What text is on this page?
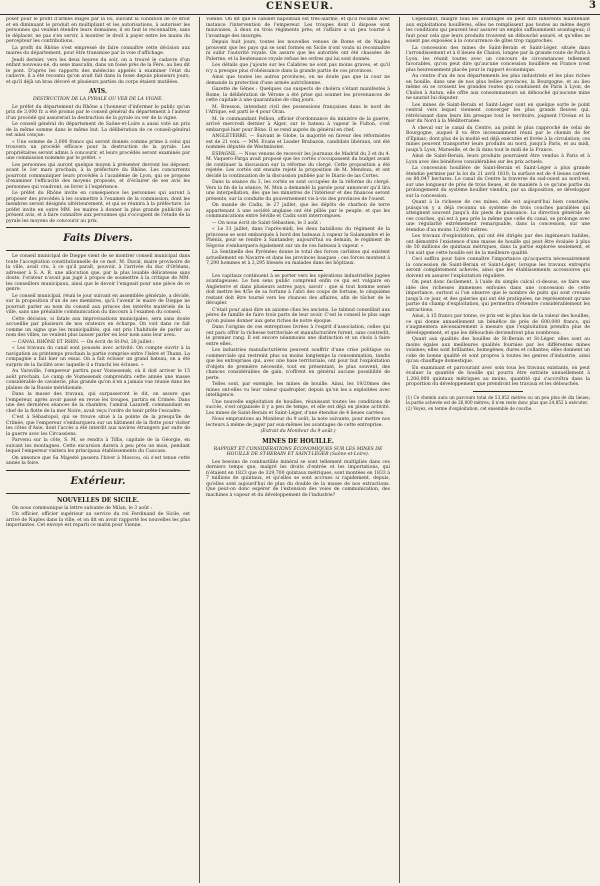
CENSEUR.	3

poser pour le profit d'armes exigés par la loi, suivant la condition de ce droit et en diminuant le produit en multipliant et les autorisations, à autoriser les personnes qui veulent étendre leurs domaines; il en faut le reconnaître, sans le déplacer, ne pas s'en servir, à montrer le droit à payer entre les mains du percepteur les contributions.

La profit du Rhône s'est empressé de faire connaître cette décision aux maires du département, pour être transmise par la voie d'affichage.

Jeudi dernier, vers les deux heures du soir, on a trouvé le cadavre d'un enfant nouveau-né, du sexe masculin, dans un fossé près de la Fère, au lieu dit le pont. D'après les rapports des médecins appelés à examiner l'état du cadavre, il a été reconnu qu'on avait fait dans la fosse depuis plusieurs jours, et qu'il déjà un bras dévoré et plusieurs parties du corps étaient mutilées.

AVIS.
DESTRUCTION DE LA PYRALE OU VER DE LA VIGNE.

Le préfet du département du Rhône a l'honneur d'informer le public qu'un prix de 3,000 fr. a été promis par le conseil général du département à l'auteur d'un procédé qui assurerait la destruction de la pyrale ou ver de la vigne.

Le conseil général du département de Saône-et-Loire a aussi voté un prix de la même somme dans le même but. La délibération de ce conseil-général est ainsi conçue:

« Une somme de 3,000 francs qui seront donnés comme prime à celui qui trouvera un procédé efficace pour la destruction de la pyrale. Les propriétaires seront admis à concourir, et leurs procédés seront examinés par une commission nommée par le préfet. »

Les personnes qui auront quelque moyen à présenter devront les déposer, avant le 1er mars prochain, à la préfecture du Rhône. Les concurrents pourront communiquer leurs procédés à l'académie de Lyon, qui se propose d'examiner l'efficacité des moyens proposés, et d'éclairer de ses avis les personnes qui voudront, se livrer à l'expérience.

Le préfet du Rhône invite en conséquence les personnes qui auront à proposer des procédés à les soumettre à l'examen de la commission, dont les membres seront désignés ultérieurement, et qui se réunira à la préfecture. Le préfet invite en outre MM. les maires à donner la plus grande publicité au présent avis, et à faire connaître aux personnes qui s'occupent de l'étude de la pyrale les moyens de concourir au prix.

Faits Divers.

Le conseil municipal de Dieppe vient de se montrer conseil municipal dans toute l'acceptation constitutionnelle de ce mot. M. Duval, maire provisoire de la ville, avait cru, à ce qu'il paraît, pouvoir, à l'arrivée du duc d'Orléans, adresser à S. A. R. une allocution que, par la plus louable délicatesse sans doute, l'orateur n'avait pas jugé à propos de soumettre à la critique de MM. les conseillers municipaux, ainsi que le devoir l'exigeait pour une pièce de ce genre.

Le conseil municipal, réuni le jour suivant en assemblée générale, a décidé, sur la proposition d'un de ses membres, qu'à l'avenir le maire de Dieppe ne pourrait parler au nom du conseil aux princes des intérêts matériels de la ville, sans une préalable communication du discours à l'examen du conseil.

Cette décision, si fatale aux improvisations municipales, sera sans doute accueillie par plusieurs de nos orateurs en écharpe. On voit dans ce fait comme un signe que les municipalités, qui ont pris l'habitude de parler au nom des villes, ne veulent plus laisser parler en leur nom sans leur aveu.

— CANAL RHÔNE ET RHIN. — On écrit de St-Pol, 28 juillet :

« Les travaux du canal sont poussés avec activité. On compte ouvrir à la navigation au printemps prochain la partie comprise entre l'Isère et Thann. La compagnie a fait hier un essai. On a fait écluser un grand bateau, on a été surpris de la facilité avec laquelle il a franchi les écluses. »

Au Varaville, l'empereur partira pour Voznesensk, où il doit arriver le 15 août prochain. Le camp de Voznesensk comprendra cette année une masse considérable de cavalerie, plus grande qu'on n'en a jamais vue réunie dans les plaines de la Russie méridionale.

Dans la masse des travaux, qui surpasseront le dit, on assure que l'empereur, après avoir passé en revue les troupes, partira en Crimée. Dans une des dernières séances de la chambre, l'amiral Lazareff, commandant en chef de la flotte de la mer Noire, avait reçu l'ordre de tenir prête l'escadre.

C'est à Sébastopol, qui se trouve situé à la pointe de la presqu'île de Crimée, que l'empereur s'embarquera sur un bâtiment de la flotte pour visiter les côtes d'Asie, dont l'accès a été interdit aux navires étrangers par suite de la guerre avec les Circassiens.

Parvenu sur la côte, S. M. se rendra à Tiflis, capitale de la Géorgie, en suivant les montagnes. Cette excursion durera à peu près un mois, pendant lequel l'empereur visitera les principaux établissements du Caucase.

On annonce que Sa Majesté passera l'hiver à Moscou, où s'est tenue cette année la foire.

Extérieur.
NOUVELLES DE SICILE.

On nous communique la lettre suivante de Milan, le 3 août :

Un officier, officier supérieur au service du roi Ferdinand de Sicile, est arrivé de Naples dans la ville, et on dit en avoir rapporté les nouvelles les plus importantes. Cet envoyé est reparti ce matin pour Vienne.

Vienne. On dit que le cabinet napolitain est très-alarmé, et qu'il réclame avec instance l'intervention de l'empereur. Les troupes dont il dispose sont mauvaises, à deux ou trois régiments près; et l'affaire a un peu tourné à l'avantage des insurgés.

Depuis huit jours, toutes les nouvelles venues de Rome et de Naples prouvent que les pays qui se sont formés en Sicile n'ont voulu ni reconnaître ni subir l'autorité royale. On assure que les autorités ont été chassées de Palerme, et la lieutenance royale refuse les ordres qui lui sont donnés.

Les détails que j'ajoute sur les Calabres ne sont pas moins graves, et qu'il n'y a presque plus d'obéissance dans la grande partie de ces provinces.

Ainsi que toutes les autres provinces, on ne doute pas que la cour ne demande la protection d'une armée autrichienne.

Gazette de Gênes : Quelques cas suspects de choléra s'étant manifestés à Rome, la délibération de Vérone a été prise qui soumet les provenances de cette capitale à une quarantaine de cinq jours.

M. Bresson, intendant civil des possessions françaises dans le nord de l'Afrique, est parti le 4 pour Oran.

M. le commandant Pellion, officier d'ordonnance du ministre de la guerre, arrivé mercredi dernier à Alger, sur le bateau à vapeur le Fulton, s'est embarqué hier pour Bône. Il se rend auprès du général en chef.

ANGLETERRE. — Suivant le Globe, la majorité en faveur des réformistes est de 21 voix. — MM. Evans et Leader Brabazon, candidats libéraux, ont été nommés députés de Westminster.

ESPAGNE. — Nous venons de recevoir les journaux de Madrid du 3 et du 4. M. Vaquero-Parga avait proposé que les cortès s'occupassent du budget avant de continuer la discussion sur la réforme du clergé. Cette proposition a été rejetée. Les cortès ont ensuite rejeté la proposition de M. Mendoza, et ont décidé la continuation de la discussion publiée par le Diario de las Cortes.

Dans la séance du 3, les cortès se sont occupées de la réforme du clergé. Vers la fin de la séance, M. Mon a demandé la parole pour annoncer qu'il lira une interpellation, dès que les ministres de l'intérieur et des finances seront présents, sur la conduite du gouvernement vis-à-vis des provinces de l'ouest.

On mande de Cadix, le 27 juillet, que les dépôts de charbon de terre appartenant à une société anglaise ont été pillés par le peuple, et que les communications entre Séville et Cadix sont interrompues.

— On nous écrit de Saint-Sébastien, le 3 août :

« Le 31 juillet, dans l'après-midi, les deux bataillons du régiment de la princesse se sont embarqués à bord des bateaux à vapeur la Salamandre et le Phénix, pour se rendre à Santander; aujourd'hui ou demain, le régiment de Ségovie s'embarquera également sur un de ces bateaux à vapeur. »

La Sentinelle des Pyrénées donne le total des forces carlistes qui existent actuellement en Navarre et dans les provinces basques : ces forces montent à 7,290 hommes et à 2,295 blessés ou malades dans les hôpitaux.

Les capitaux continuent à se porter vers les opérations industrielles jugées avantageuses. Le bon sens public comprend enfin ce qui est vulgaire en Angleterre et dans plusieurs autres pays, savoir : que si tout homme sensé doit mettre les 4/5e de sa fortune à l'abri des coups de fortune, le cinquième restant doit être tourné vers les chances des affaires, afin de tâcher de le décupler.

C'était pour ainsi dire un axiome chez les anciens. Le talmud conseillait aux pères de famille de faire trois parts de leur avoir. C'est le conseil le plus sage qu'on puisse donner aux gens riches de notre époque.

Dans l'origine de ces entreprises livrées à l'esprit d'association, celles qui ont paru offrir la richesse territoriale et manufacturière furent, sans contredit, le premier rang. Il est encore néanmoins une distinction et un choix à faire entre elles.

Les industries manufacturières peuvent souffrir d'une crise politique ou commerciale qui restreint plus ou moins longtemps la consommation, tandis que les entreprises qui, avec une base territoriale, ont pour but l'exploitation d'objets de première nécessité, tout en présentant, le plus souvent, des chances considérables de gain, n'offrent en général aucune possibilité de perte.

Telles sont, par exemple, les mines de houille. Ainsi, les 19/20mes des mines ont-elles vu leur valeur quadrupler, depuis qu'on les a exploitées avec intelligence.

Une nouvelle exploitation de houilles, réunissant toutes les conditions de succès, s'est organisée il y a peu de temps, et elle est déjà en pleine activité. Les mines de Saint-Berain et Saint-Léger, d'une étendue de 4 lieues carrées.

Nous empruntons au Moniteur du 9 août, la note suivante, pour mettre nos lecteurs à même de juger par eux-mêmes les avantages de cette entreprise.

(Extrait du Moniteur du 9 août.)

MINES DE HOUILLE.
RAPPORT ET CONSIDÉRATIONS ÉCONOMIQUES SUR LES MINES DE HOUILLE DE ST-BERAIN ET SAINT-LÉGER (Saône-et-Loire).

Les besoins de combustible minéral se sont tellement multipliés dans ces derniers temps que, malgré les droits d'entrée et les importations, qui n'étaient en 1823 que de 329,700 quintaux métriques, sont montées en 1833 à 7 millions de quintaux, et qu'elles se sont accrues si rapidement, depuis, qu'elles sont aujourd'hui de plus du double de la masse de nos extractions. Que peut-on donc espérer de l'extension des voies de communication, des machines à vapeur et du développement de l'industrie?

Cependant, malgré tous les avantages on peut dire inhérents maintenant aux exploitations houillères, elles ne remplissent pas toutes au même degré les conditions qui peuvent leur assurer un emploi suffisamment avantageux; il faut pour cela que leurs produits trouvent un débouché assuré, et qu'elles ne soient pas exposées à la concurrence de gîtes trop rapprochés.

La concession des mines de Saint-Berain et Saint-Léger, située dans l'arrondissement et à 8 lieues de Chalon, longée par la grande route de Paris à Lyon, les réunit toutes avec un concours de circonstances tellement favorables, qu'on peut dire qu'aucune concession houillère en France n'est plus heureusement placée pour le rapport économique.

Au centre d'un de nos départements les plus industriels et les plus riches en houille, dans une de nos plus belles provinces, la Bourgogne, et au lieu même où se croisent les grandes routes qui conduisent de Paris à Lyon, de Chalon à Autun, elle offre aux consommateurs un débouché qu'aucune mine ne saurait lui disputer.

Les mines de Saint-Berain et Saint-Léger sont en quelque sorte le point central vers lequel viennent converger les plus grands fleuves qui, rétrécissant dans leurs lits presque tout le territoire, joignent l'Océan et la mer du Nord à la Méditerranée.

À cheval sur le canal du Centre, au point le plus rapproché de celui de Bourgogne, auquel il va être incessamment réuni par le chemin de fer d'Epinac; dont plus de la moitié est déjà exécutée et livrée à la circulation; ces mines peuvent transporter leurs produits au nord, jusqu'à Paris, et au midi, jusqu'à Lyon, Marseille, et de là dans tout le midi de la France.

Ainsi de Saint-Berain, leurs produits pourraient être vendus à Paris et à Lyon avec des bénéfices considérables sur les prix actuels.

La concession houillère de Saint-Berain et Saint-Léger a plus grande étendue permise par la loi du 21 avril 1810; la surface est de 4 lieues carrées ou 80,047 hectares. Le canal du Centre la traverse du sud-ouest au nord-est, sur une longueur de près de trois lieues, et de manière à ce qu'une partie du prolongement du système houiller viendra, par sa disposition, se développer sur la concession.

Quant à la richesse de ces mines, elle est aujourd'hui bien constatée, puisqu'on y a déjà reconnu un système de trois couches parallèles qui atteignent souvent jusqu'à dix pieds de puissance. La direction générale de ces couches, qui est à peu près la même que celle du canal, se prolonge avec une régularité extrêmement remarquable, dans la concession, sur une étendue d'au moins 12,000 mètres.

Les travaux d'exploitation, qui ont été dirigés par des ingénieurs habiles, ont démontré l'existence d'une masse de houille qui peut être évaluée à plus de 50 millions de quintaux métriques, dans la partie explorée seulement, et l'on sait que cette houille est de la meilleure qualité.

Ceci suffira pour faire connaître l'importance qu'acquerra nécessairement la concession de Saint-Berain et Saint-Léger, lorsque les travaux entrepris seront complètement achevés, ainsi que les établissements accessoires qui doivent en assurer l'exploitation régulière.

On peut donc facilement, à l'aide du simple calcul ci-dessus, se faire une idée des richesses immenses enfouies dans une concession de cette importance, surtout si l'on observe que le nombre de puits qui sont creusés jusqu'à ce jour, et des galeries qui ont été pratiquées, ne représentent qu'une partie du champ d'exploitation, qui permettra d'étendre considérablement les extractions.

Ainsi, à 15 francs par tonne, ce prix est le plus bas de la valeur des houilles, ce qui donne annuellement un bénéfice de près de 600,000 francs, qui s'augmentera nécessairement à mesure que l'exploitation prendra plus de développement, et que les débouchés deviendront plus nombreux.

Quant aux qualités des houilles de St-Berain et St-Léger, elles sont au moins égales aux meilleures qualités fournies par les différentes mines voisines; elles sont brillantes, homogènes, dures et collantes; elles donnent un coke de bonne qualité et sont propres à toutes les genres d'industrie, ainsi qu'au chauffage domestique.

En examinant et parcourant avec soin tous les travaux existants, on peut évaluer la quantité de houille qui pourra être extraite annuellement à 1,200,000 quintaux métriques au moins, quantité qui s'accroîtra dans la proportion du développement que prendront les travaux et les débouchés.

(1) Ce chemin aura un parcours total de 53,852 mètres ou un peu plus de dix lieues; la partie achevée est de 26,000 mètres; il n'en reste donc plus que 24,852 à exécuter.

(2) Voyez, en terme d'exploitation, cet ensemble de couche.
